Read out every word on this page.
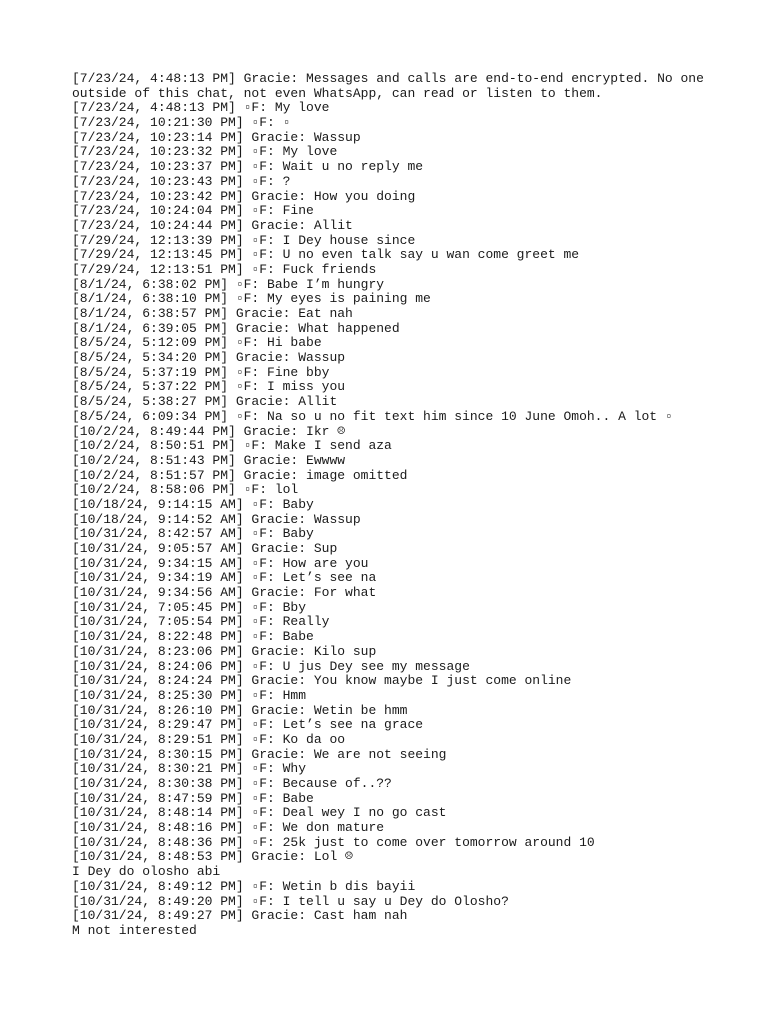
[7/23/24, 4:48:13 PM] Gracie: Messages and calls are end-to-end encrypted. No one
outside of this chat, not even WhatsApp, can read or listen to them.
[7/23/24, 4:48:13 PM] ▫F: My love
[7/23/24, 10:21:30 PM] ▫F: ▫
[7/23/24, 10:23:14 PM] Gracie: Wassup
[7/23/24, 10:23:32 PM] ▫F: My love
[7/23/24, 10:23:37 PM] ▫F: Wait u no reply me
[7/23/24, 10:23:43 PM] ▫F: ?
[7/23/24, 10:23:42 PM] Gracie: How you doing
[7/23/24, 10:24:04 PM] ▫F: Fine
[7/23/24, 10:24:44 PM] Gracie: Allit
[7/29/24, 12:13:39 PM] ▫F: I Dey house since
[7/29/24, 12:13:45 PM] ▫F: U no even talk say u wan come greet me
[7/29/24, 12:13:51 PM] ▫F: Fuck friends
[8/1/24, 6:38:02 PM] ▫F: Babe I’m hungry
[8/1/24, 6:38:10 PM] ▫F: My eyes is paining me
[8/1/24, 6:38:57 PM] Gracie: Eat nah
[8/1/24, 6:39:05 PM] Gracie: What happened
[8/5/24, 5:12:09 PM] ▫F: Hi babe
[8/5/24, 5:34:20 PM] Gracie: Wassup
[8/5/24, 5:37:19 PM] ▫F: Fine bby
[8/5/24, 5:37:22 PM] ▫F: I miss you
[8/5/24, 5:38:27 PM] Gracie: Allit
[8/5/24, 6:09:34 PM] ▫F: Na so u no fit text him since 10 June Omoh.. A lot ▫
[10/2/24, 8:49:44 PM] Gracie: Ikr ☹
[10/2/24, 8:50:51 PM] ▫F: Make I send aza
[10/2/24, 8:51:43 PM] Gracie: Ewwww
[10/2/24, 8:51:57 PM] Gracie: image omitted
[10/2/24, 8:58:06 PM] ▫F: lol
[10/18/24, 9:14:15 AM] ▫F: Baby
[10/18/24, 9:14:52 AM] Gracie: Wassup
[10/31/24, 8:42:57 AM] ▫F: Baby
[10/31/24, 9:05:57 AM] Gracie: Sup
[10/31/24, 9:34:15 AM] ▫F: How are you
[10/31/24, 9:34:19 AM] ▫F: Let’s see na
[10/31/24, 9:34:56 AM] Gracie: For what
[10/31/24, 7:05:45 PM] ▫F: Bby
[10/31/24, 7:05:54 PM] ▫F: Really
[10/31/24, 8:22:48 PM] ▫F: Babe
[10/31/24, 8:23:06 PM] Gracie: Kilo sup
[10/31/24, 8:24:06 PM] ▫F: U jus Dey see my message
[10/31/24, 8:24:24 PM] Gracie: You know maybe I just come online
[10/31/24, 8:25:30 PM] ▫F: Hmm
[10/31/24, 8:26:10 PM] Gracie: Wetin be hmm
[10/31/24, 8:29:47 PM] ▫F: Let’s see na grace
[10/31/24, 8:29:51 PM] ▫F: Ko da oo
[10/31/24, 8:30:15 PM] Gracie: We are not seeing
[10/31/24, 8:30:21 PM] ▫F: Why
[10/31/24, 8:30:38 PM] ▫F: Because of..??
[10/31/24, 8:47:59 PM] ▫F: Babe
[10/31/24, 8:48:14 PM] ▫F: Deal wey I no go cast
[10/31/24, 8:48:16 PM] ▫F: We don mature
[10/31/24, 8:48:36 PM] ▫F: 25k just to come over tomorrow around 10
[10/31/24, 8:48:53 PM] Gracie: Lol ☹
I Dey do olosho abi
[10/31/24, 8:49:12 PM] ▫F: Wetin b dis bayii
[10/31/24, 8:49:20 PM] ▫F: I tell u say u Dey do Olosho?
[10/31/24, 8:49:27 PM] Gracie: Cast ham nah
M not interested
